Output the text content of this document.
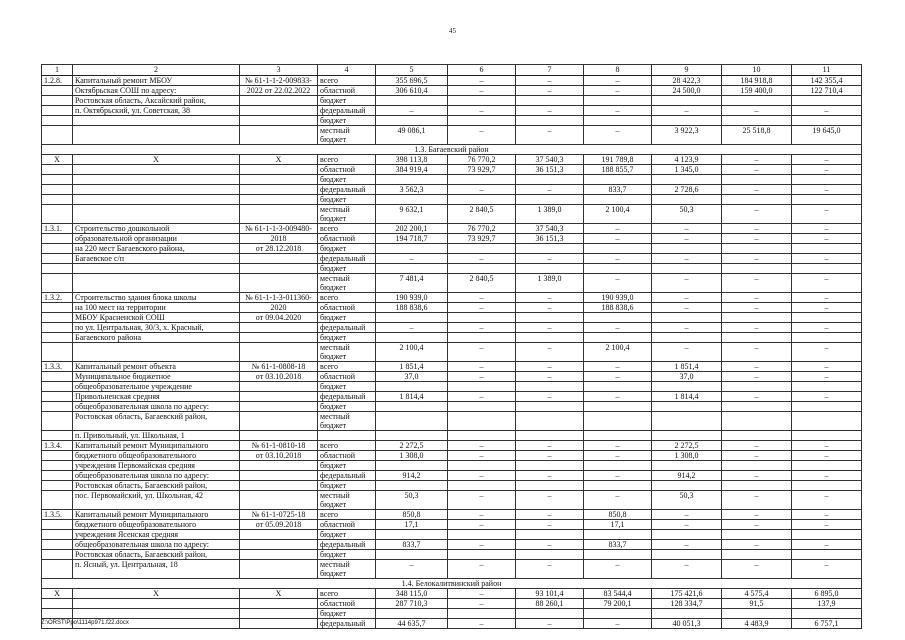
45
1	2	3	4	5	6	7	8	9	10	11
1.2.8.	Капитальный ремонт МБОУ	№ 61-1-1-2-009833-	всего	355 696,5	–	–	–	28 422,3	184 918,8	142 355,4
	Октябрьская СОШ по адресу:	2022 от 22.02.2022	областной	306 610,4	–	–	–	24 500,0	159 400,0	122 710,4
	Ростовская область, Аксайский район,		бюджет							
	п. Октябрьский, ул. Советская, 38		федеральный	–	–	–	–	–	–	–
			бюджет							
			местный бюджет	49 086,1	–	–	–	3 922,3	25 518,8	19 645,0
1.3. Багаевский район										
Х	Х	Х	всего	398 113,8	76 770,2	37 540,3	191 789,8	4 123,9	–	–
			областной	384 919,4	73 929,7	36 151,3	188 855,7	1 345,0	–	–
			бюджет							
			федеральный	3 562,3	–	–	833,7	2 728,6	–	–
			бюджет							
			местный бюджет	9 632,1	2 840,5	1 389,0	2 100,4	50,3	–	–
1.3.1.	Строительство дошкольной	№ 61-1-1-3-009480-	всего	202 200,1	76 770,2	37 540,3	–	–	–	–
	образовательной организации	2018	областной	194 718,7	73 929,7	36 151,3	–	–	–	–
	на 220 мест Багаевского района,	от 28.12.2018	бюджет							
	Багаевское с/п		федеральный	–	–	–	–	–	–	–
			бюджет							
			местный бюджет	7 481,4	2 840,5	1 389,0	–	–	–	–
1.3.2.	Строительство здания блока школы	№ 61-1-1-3-011360-	всего	190 939,0	–	–	190 939,0	–	–	–
	на 100 мест на территории	2020	областной	188 838,6	–	–	188 838,6	–	–	–
	МБОУ Красненской СОШ	от 09.04.2020	бюджет							
	по ул. Центральная, 30/3, х. Красный,		федеральный	–	–	–	–	–	–	–
	Багаевского района		бюджет							
			местный бюджет	2 100,4	–	–	2 100,4	–	–	–
1.3.3.	Капитальный ремонт объекта	№ 61-1-0808-18	всего	1 851,4	–	–	–	1 851,4	–	–
	Муниципальное бюджетное	от 03.10.2018	областной	37,0	–	–	–	37,0	–	–
	общеобразовательное учреждение		бюджет							
	Привольненская средняя		федеральный	1 814,4	–	–	–	1 814,4	–	–
	общеобразовательная школа по адресу:		бюджет							
	Ростовская область, Багаевский район,		местный бюджет							
	п. Привольный, ул. Школьная, 1									
1.3.4.	Капитальный ремонт Муниципального	№ 61-1-0810-18	всего	2 272,5	–	–	–	2 272,5	–	–
	бюджетного общеобразовательного	от 03.10.2018	областной	1 308,0	–	–	–	1 308,0	–	–
	учреждения Первомайская средняя		бюджет							
	общеобразовательная школа по адресу:		федеральный	914,2	–	–	–	914,2	–	–
	Ростовская область, Багаевский район,		бюджет							
	пос. Первомайский, ул. Школьная, 42		местный бюджет	50,3	–	–	–	50,3	–	–
1.3.5.	Капитальный ремонт Муниципального	№ 61-1-0725-18	всего	850,8	–	–	850,8	–	–	–
	бюджетного общеобразовательного	от 05.09.2018	областной	17,1	–	–	17,1	–	–	–
	учреждения Ясенская средняя		бюджет							
	общеобразовательная школа по адресу:		федеральный	833,7	–	–	833,7	–	–	–
	Ростовская область, Багаевский район,		бюджет							
	п. Ясный, ул. Центральная, 18		местный бюджет	–	–	–	–	–	–	–
1.4. Белокалитвинский район										
Х	Х	Х	всего	348 115,0	–	93 101,4	83 544,4	175 421,6	4 575,4	6 895,0
			областной	287 710,3	–	88 260,1	79 200,1	128 334,7	91,5	137,9
			бюджет							
			федеральный	44 635,7	–	–	–	40 051,3	4 483,9	6 757,1
Z:\ORST\Ppo\1114p971.f22.docx
